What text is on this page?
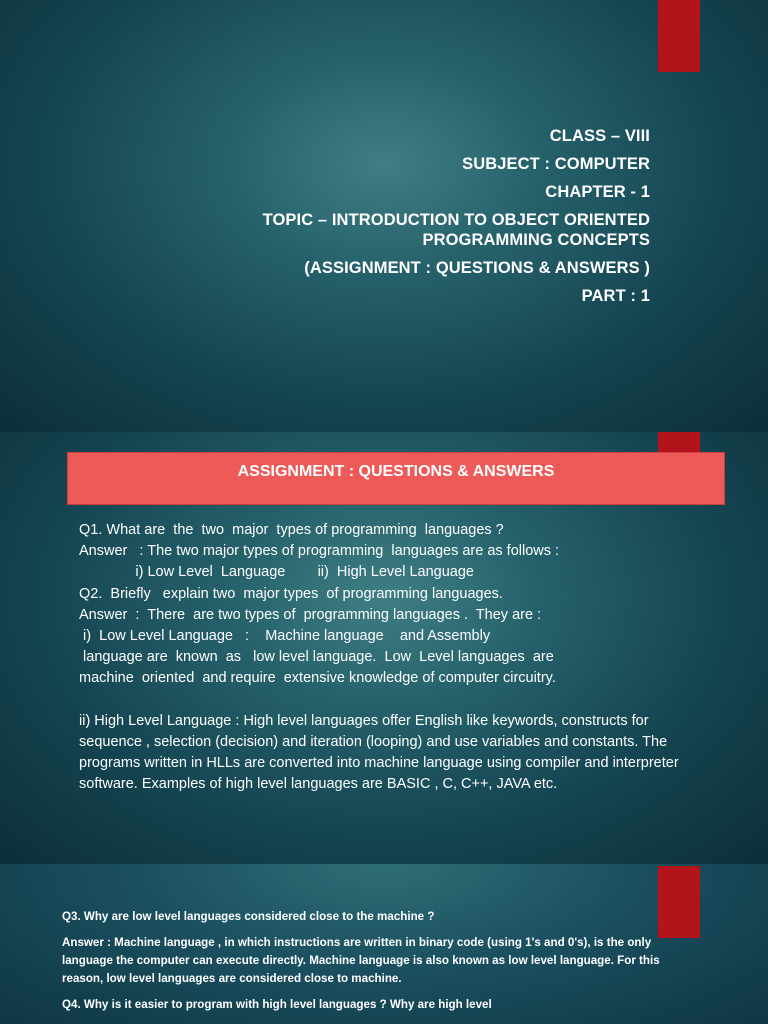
CLASS – VIII
SUBJECT : COMPUTER
CHAPTER - 1
TOPIC – INTRODUCTION TO OBJECT ORIENTED
PROGRAMMING CONCEPTS
(ASSIGNMENT : QUESTIONS & ANSWERS )
PART : 1
ASSIGNMENT : QUESTIONS & ANSWERS

Q1. What are  the  two  major  types of programming  languages ?

Answer   : The two major types of programming  languages are as follows :

i) Low Level  Language        ii)  High Level Language

Q2.  Briefly   explain two  major types  of programming languages.

Answer  :  There  are two types of  programming languages .  They are :

i)  Low Level Language   :    Machine language    and Assembly

language are  known  as   low level language.  Low  Level languages  are

machine  oriented  and require  extensive knowledge of computer circuitry.

ii) High Level Language : High level languages offer English like keywords, constructs for sequence , selection (decision) and iteration (looping) and use variables and constants. The programs written in HLLs are converted into machine language using compiler and interpreter software. Examples of high level languages are BASIC , C, C++, JAVA etc.

Q3. Why are low level languages considered close to the machine ?

Answer : Machine language , in which instructions are written in binary code (using 1's and 0's), is the only language the computer can execute directly. Machine language is also known as low level language. For this reason, low level languages are considered close to machine.

Q4. Why is it easier to program with high level languages ? Why are high level
